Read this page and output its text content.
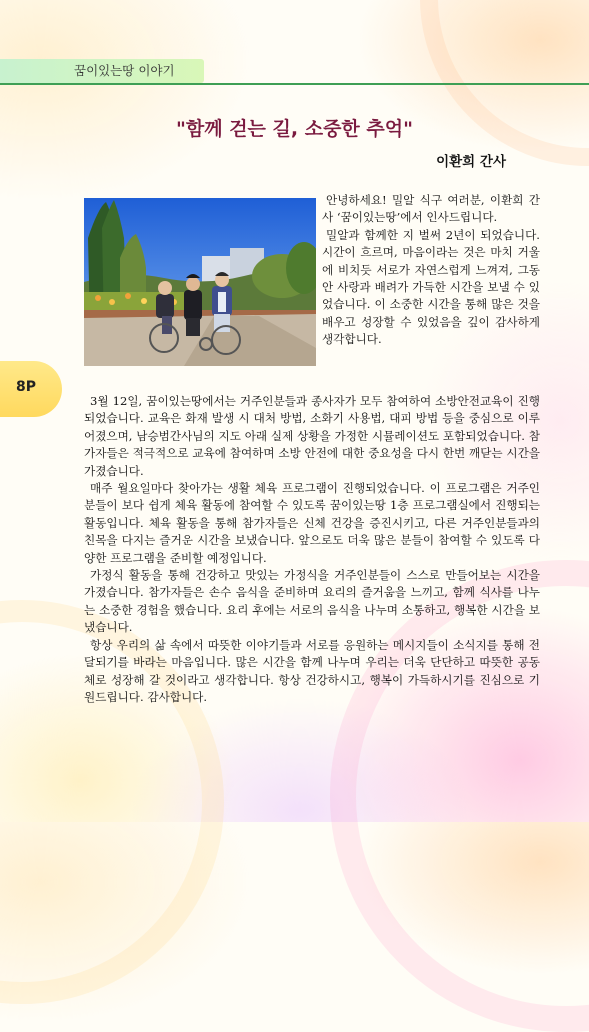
꿈이있는땅 이야기
"함께 걷는 길, 소중한 추억"
이환희 간사

안녕하세요! 밀알 식구 여러분, 이환희 간사 ‘꿈이있는땅’에서 인사드립니다.

밀알과 함께한 지 벌써 2년이 되었습니다. 시간이 흐르며, 마음이라는 것은 마치 거울에 비치듯 서로가 자연스럽게 느껴져, 그동안 사랑과 배려가 가득한 시간을 보낼 수 있었습니다. 이 소중한 시간을 통해 많은 것을 배우고 성장할 수 있었음을 깊이 감사하게 생각합니다.

8P

3월 12일, 꿈이있는땅에서는 거주인분들과 종사자가 모두 참여하여 소방안전교육이 진행되었습니다. 교육은 화재 발생 시 대처 방법, 소화기 사용법, 대피 방법 등을 중심으로 이루어졌으며, 남승범간사님의 지도 아래 실제 상황을 가정한 시뮬레이션도 포함되었습니다. 참가자들은 적극적으로 교육에 참여하며 소방 안전에 대한 중요성을 다시 한번 깨닫는 시간을 가졌습니다.

매주 월요일마다 찾아가는 생활 체육 프로그램이 진행되었습니다. 이 프로그램은 거주인분들이 보다 쉽게 체육 활동에 참여할 수 있도록 꿈이있는땅 1층 프로그램실에서 진행되는 활동입니다. 체육 활동을 통해 참가자들은 신체 건강을 증진시키고, 다른 거주인분들과의 친목을 다지는 즐거운 시간을 보냈습니다. 앞으로도 더욱 많은 분들이 참여할 수 있도록 다양한 프로그램을 준비할 예정입니다.

가정식 활동을 통해 건강하고 맛있는 가정식을 거주인분들이 스스로 만들어보는 시간을 가졌습니다. 참가자들은 손수 음식을 준비하며 요리의 즐거움을 느끼고, 함께 식사를 나누는 소중한 경험을 했습니다. 요리 후에는 서로의 음식을 나누며 소통하고, 행복한 시간을 보냈습니다.

항상 우리의 삶 속에서 따뜻한 이야기들과 서로를 응원하는 메시지들이 소식지를 통해 전달되기를 바라는 마음입니다. 많은 시간을 함께 나누며 우리는 더욱 단단하고 따뜻한 공동체로 성장해 갈 것이라고 생각합니다. 항상 건강하시고, 행복이 가득하시기를 진심으로 기원드립니다. 감사합니다.
